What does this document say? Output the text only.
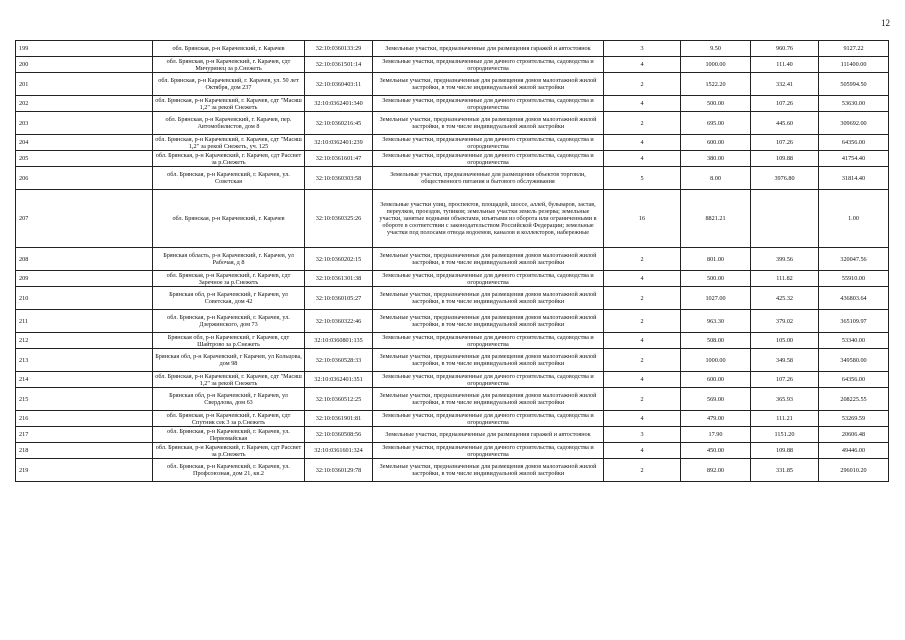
12
199	обл. Брянская, р-н Карачевский, г. Карачев	32:10:0360133:29	Земельные участки, предназначенные для размещения гаражей и автостоянок	3	9.50	960.76	9127.22
200	обл. Брянская, р-н Карачевский, г. Карачев, сдт Мичуринец за р.Снежеть	32:10:0361501:14	Земельные участки, предназначенные для дачного строительства, садоводства и огородничества	4	1000.00	111.40	111400.00
201	обл. Брянская, р-н Карачевский, г. Карачев, ул. 50 лет Октября, дом 237	32:10:0360403:11	Земельные участки, предназначенные для размещения домов малоэтажной жилой застройки, в том числе индивидуальной жилой застройки	2	1522.20	332.41	505994.50
202	обл. Брянская, р-н Карачевский, г. Карачев, сдт "Масяш 1,2" за рекой Снежеть	32:10:0362401:340	Земельные участки, предназначенные для дачного строительства, садоводства и огородничества	4	500.00	107.26	53630.00
203	обл. Брянская, р-н Карачевский, г. Карачев, пер. Автомобилистов, дом 8	32:10:0360216:45	Земельные участки, предназначенные для размещения домов малоэтажной жилой застройки, в том числе индивидуальной жилой застройки	2	695.00	445.60	309692.00
204	обл. Брянская, р-н Карачевский, г. Карачев, сдт "Масяш 1,2" за рекой Снежеть, уч. 125	32:10:0362401:239	Земельные участки, предназначенные для дачного строительства, садоводства и огородничества	4	600.00	107.26	64356.00
205	обл. Брянская, р-н Карачевский, г. Карачев, сдт Рассвет за р.Снежеть	32:10:0361601:47	Земельные участки, предназначенные для дачного строительства, садоводства и огородничества	4	380.00	109.88	41754.40
206	обл. Брянская, р-н Карачевский, г. Карачев, ул. Советская	32:10:0360303:58	Земельные участки, предназначенные для размещения объектов торговли, общественного питания и бытового обслуживания	5	8.00	3976.80	31814.40
207	обл. Брянская, р-н Карачевский, г. Карачев	32:10:0360325:26	Земельные участки улиц, проспектов, площадей, шоссе, аллей, бульваров, застав, переулков, проездов, тупиков; земельные участки земель резерва; земельные участки, занятые водными объектами, изъятыми из оборота или ограниченными в обороте в соответствии с законодательством Российской Федерации; земельные участки под полосами отвода водоемов, каналов и коллекторов, набережные	16	8821.21		1.00
208	Брянская область, р-н Карачевский, г. Карачев, ул Рабочая, д 8	32:10:0360202:15	Земельные участки, предназначенные для размещения домов малоэтажной жилой застройки, в том числе индивидуальной жилой застройки	2	801.00	399.56	320047.56
209	обл. Брянская, р-н Карачевский, г. Карачев, сдт Заречное за р.Снежеть	32:10:0361301:38	Земельные участки, предназначенные для дачного строительства, садоводства и огородничества	4	500.00	111.82	55910.00
210	Брянская обл, р-н Карачевский, г Карачев, ул Советская, дом 42	32:10:0360105:27	Земельные участки, предназначенные для размещения домов малоэтажной жилой застройки, в том числе индивидуальной жилой застройки	2	1027.00	425.32	436803.64
211	обл. Брянская, р-н Карачевский, г. Карачев, ул. Дзержинского, дом 73	32:10:0360322:46	Земельные участки, предназначенные для размещения домов малоэтажной жилой застройки, в том числе индивидуальной жилой застройки	2	963.30	379.02	365109.97
212	Брянская обл, р-н Карачевский, г Карачев, сдт Шайтрово за р.Снежеть	32:10:0360801:135	Земельные участки, предназначенные для дачного строительства, садоводства и огородничества	4	508.00	105.00	53340.00
213	Брянская обл, р-н Карачевский, г Карачев, ул Кольцова, дом 98	32:10:0360528:33	Земельные участки, предназначенные для размещения домов малоэтажной жилой застройки, в том числе индивидуальной жилой застройки	2	1000.00	349.58	349580.00
214	обл. Брянская, р-н Карачевский, г. Карачев, сдт "Масяш 1,2" за рекой Снежеть	32:10:0362401:351	Земельные участки, предназначенные для дачного строительства, садоводства и огородничества	4	600.00	107.26	64356.00
215	Брянская обл, р-н Карачевский, г Карачев, ул Свердлова, дом 63	32:10:0360512:25	Земельные участки, предназначенные для размещения домов малоэтажной жилой застройки, в том числе индивидуальной жилой застройки	2	569.00	365.93	208225.55
216	обл. Брянская, р-н Карачевский, г. Карачев, сдт Спутник сек 3 за р.Снежеть	32:10:0361901:81	Земельные участки, предназначенные для дачного строительства, садоводства и огородничества	4	479.00	111.21	53269.59
217	обл. Брянская, р-н Карачевский, г. Карачев, ул. Первомайская	32:10:0360508:56	Земельные участки, предназначенные для размещения гаражей и автостоянок	3	17.90	1151.20	20606.48
218	обл. Брянская, р-н Карачевский, г. Карачев, сдт Рассвет за р.Снежеть	32:10:0361601:324	Земельные участки, предназначенные для дачного строительства, садоводства и огородничества	4	450.00	109.88	49446.00
219	обл. Брянская, р-н Карачевский, г. Карачев, ул. Профсоюзная, дом 21, кв.2	32:10:0360129:78	Земельные участки, предназначенные для размещения домов малоэтажной жилой застройки, в том числе индивидуальной жилой застройки	2	892.00	331.85	296010.20
